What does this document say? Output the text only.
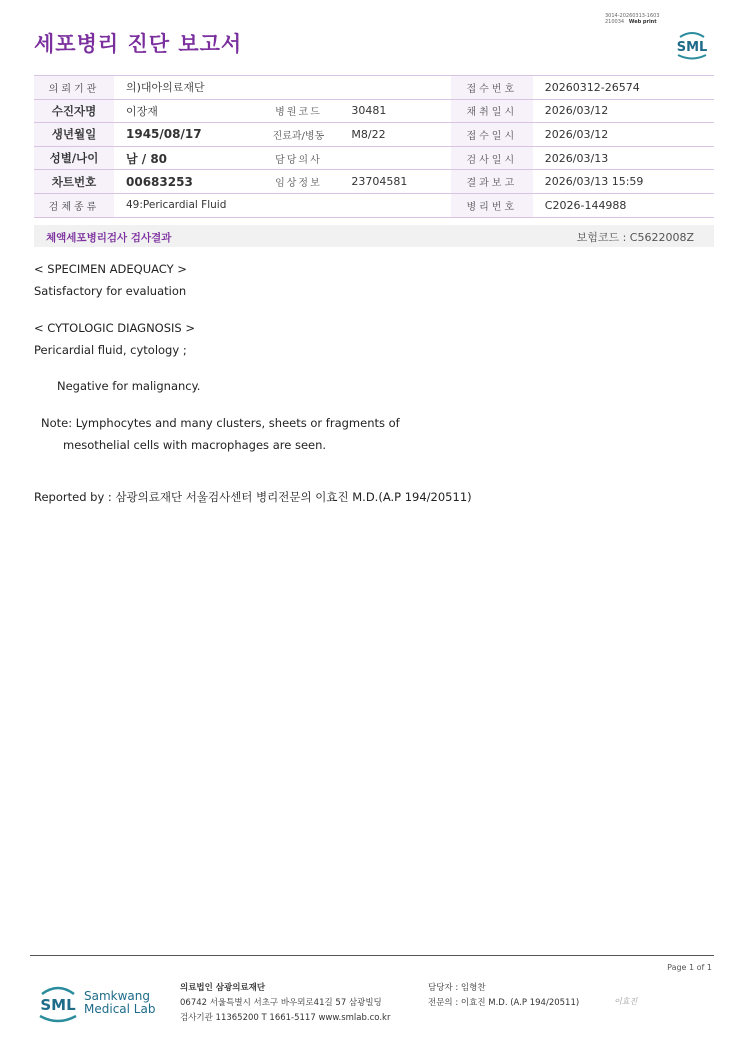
세포병리 진단 보고서
3014-20260313-1603
210034 Web print
SML
의뢰기관	의)대아의료재단			접수번호	20260312-26574
수진자명	이장재	병원코드	30481	채취일시	2026/03/12
생년월일	1945/08/17	진료과/병동	M8/22	접수일시	2026/03/12
성별/나이	남 / 80	담당의사		검사일시	2026/03/13
차트번호	00683253	임상정보	23704581	결과보고	2026/03/13 15:59
검체종류	49:Pericardial Fluid			병리번호	C2026-144988
체액세포병리검사 검사결과	보험코드 : C5622008Z
< SPECIMEN ADEQUACY >
Satisfactory for evaluation
< CYTOLOGIC DIAGNOSIS >
Pericardial fluid, cytology ;
Negative for malignancy.
Note: Lymphocytes and many clusters, sheets or fragments of
mesothelial cells with macrophages are seen.
Reported by : 삼광의료재단 서울검사센터 병리전문의 이효진 M.D.(A.P 194/20511)
Page 1 of 1
SML Samkwang
Medical Lab
의료법인 삼광의료재단
06742 서울특별시 서초구 바우뫼로41길 57 삼광빌딩
검사기관 11365200 T 1661-5117 www.smlab.co.kr
담당자 : 임형찬
전문의 : 이효진 M.D. (A.P 194/20511)	이효진
